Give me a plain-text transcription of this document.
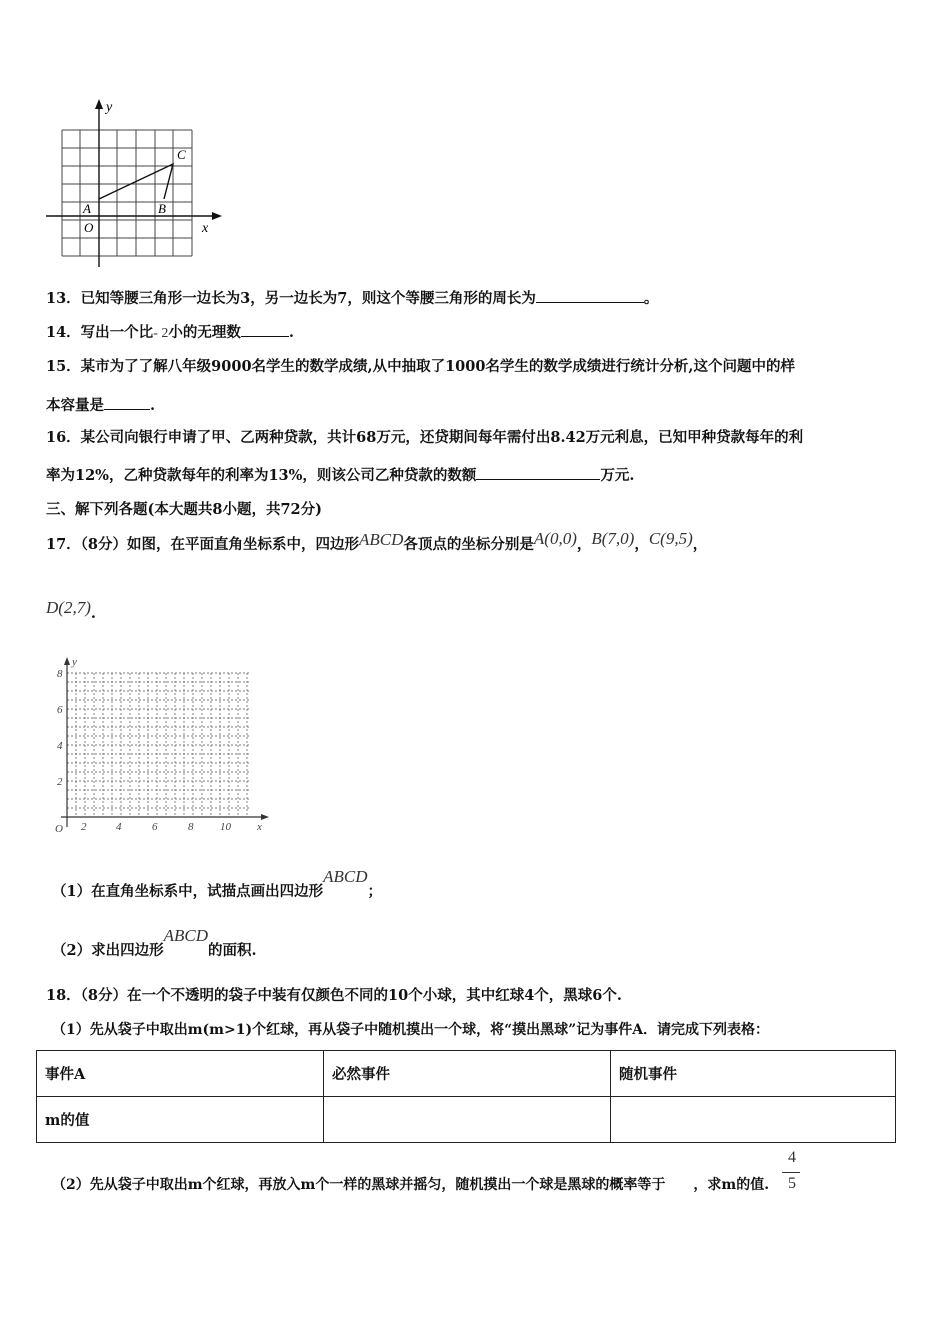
y
x
A	B
C
O
13．已知等腰三角形一边长为3，另一边长为7，则这个等腰三角形的周长为	。
14．写出一个比- 2小的无理数	.
15．某市为了了解八年级9000名学生的数学成绩,从中抽取了1000名学生的数学成绩进行统计分析,这个问题中的样
本容量是	.
16．某公司向银行申请了甲、乙两种贷款，共计68万元，还贷期间每年需付出8.42万元利息，已知甲种贷款每年的利
率为12%，乙种贷款每年的利率为13%，则该公司乙种贷款的数额	万元.
三、解下列各题(本大题共8小题，共72分)
17．（8分）如图，在平面直角坐标系中，四边形ABCD各顶点的坐标分别是A(0,0)，B(7,0)，C(9,5)，
D(2,7).
y
x
O 2	4	6	8 10
2
4
6
8
（1）在直角坐标系中，试描点画出四边形ABCD；
（2）求出四边形ABCD的面积.
18．（8分）在一个不透明的袋子中装有仅颜色不同的10个小球，其中红球4个，黑球6个.
（1）先从袋子中取出m(m>1)个红球，再从袋子中随机摸出一个球，将“摸出黑球”记为事件A．请完成下列表格：
事件A	必然事件	随机事件
m的值		
（2）先从袋子中取出m个红球，再放入m个一样的黑球并摇匀，随机摸出一个球是黑球的概率等于 ，求m的值.
4
5
